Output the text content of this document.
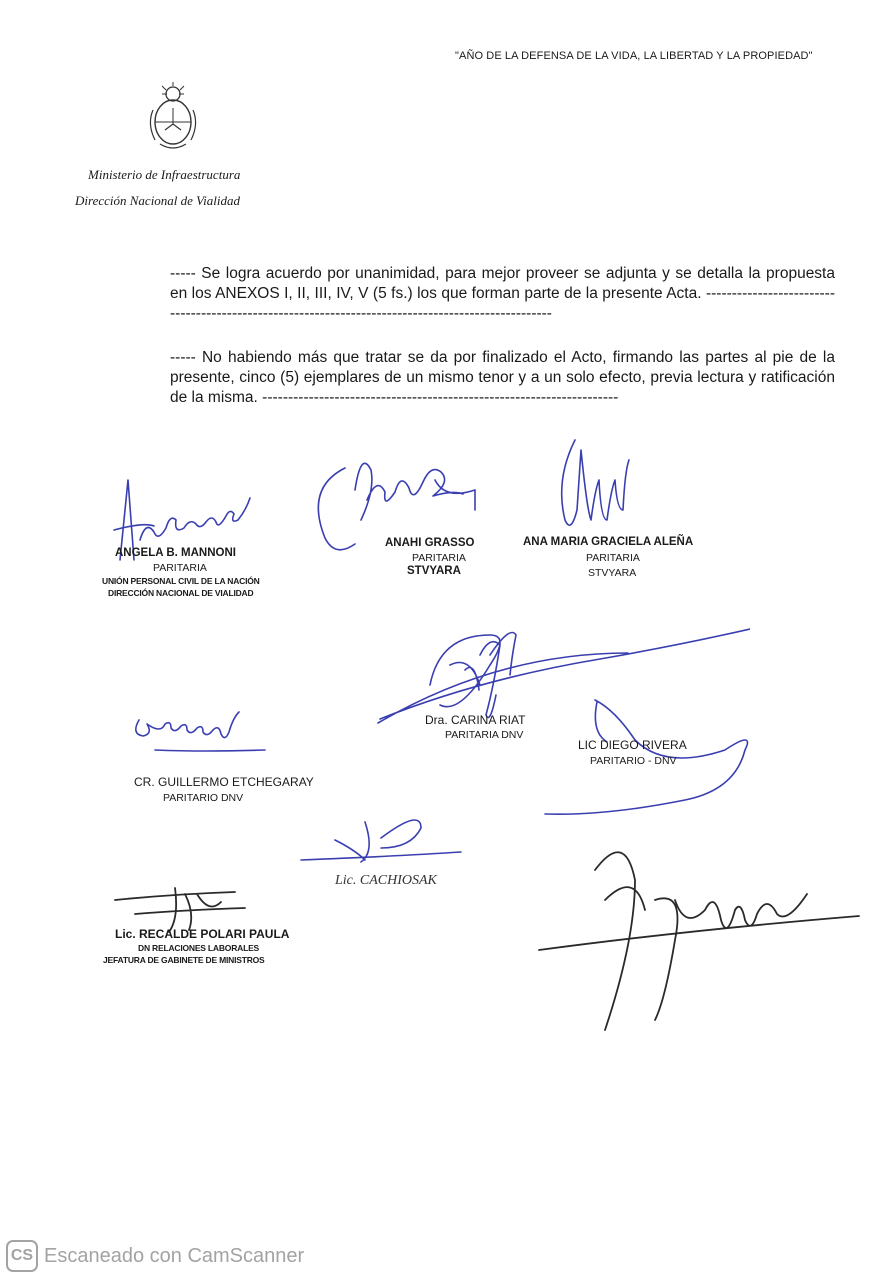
"AÑO DE LA DEFENSA DE LA VIDA, LA LIBERTAD Y LA PROPIEDAD"
Ministerio de Infraestructura
Dirección Nacional de Vialidad
----- Se logra acuerdo por unanimidad, para mejor proveer se adjunta y se detalla la propuesta en los ANEXOS I, II, III, IV, V (5 fs.) los que forman parte de la presente Acta. ---------------------------------------------------------------------------------------------------
----- No habiendo más que tratar se da por finalizado el Acto, firmando las partes al pie de la presente, cinco (5) ejemplares de un mismo tenor y a un solo efecto, previa lectura y ratificación de la misma. ---------------------------------------------------------------------
ANGELA B. MANNONI
PARITARIA
UNIÓN PERSONAL CIVIL DE LA NACIÓN
DIRECCIÓN NACIONAL DE VIALIDAD
ANAHI GRASSO
PARITARIA
STVYARA
ANA MARIA GRACIELA ALEÑA
PARITARIA
STVYARA
Dra. CARINA RIAT
PARITARIA DNV
CR. GUILLERMO ETCHEGARAY
PARITARIO DNV
LIC DIEGO RIVERA
PARITARIO - DNV
Lic. CACHIOSAK
Lic. RECALDE POLARI PAULA
DN RELACIONES LABORALES
JEFATURA DE GABINETE DE MINISTROS
CS Escaneado con CamScanner
